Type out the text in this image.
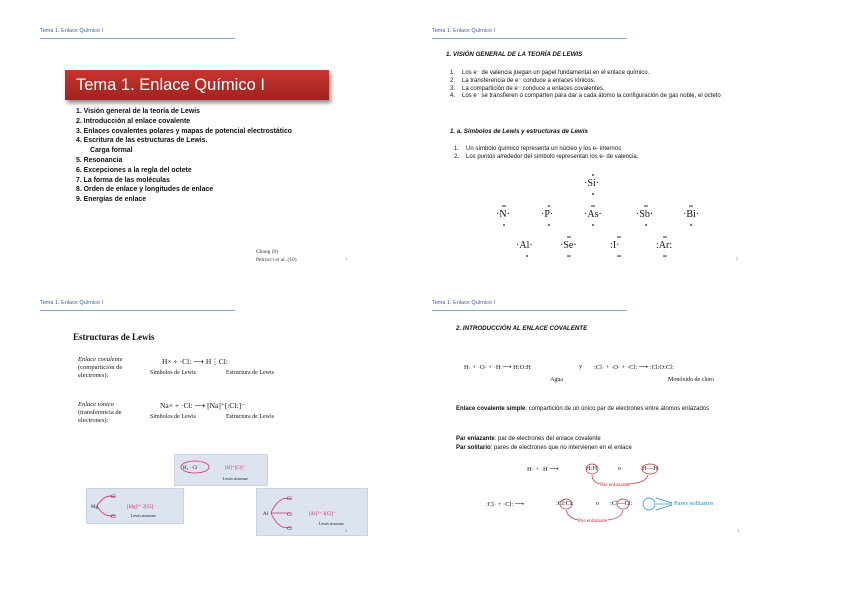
Tema 1. Enlace Químico I
Tema 1. Enlace Químico I
1. Visión general de la teoría de Lewis
2. Introducción al enlace covalente
3. Enlaces covalentes polares y mapas de potencial electrostático
4. Escritura de las estructuras de Lewis.
Carga formal
5. Resonancia
6. Excepciones a la regla del octete
7. La forma de las moléculas
8. Orden de enlace y longitudes de enlace
9. Energías de enlace
Chang (9)
Petrucci et al. (10)	1
Tema 1. Enlace Químico I
1. VISIÓN GENERAL DE LA TEORÍA DE LEWIS
1. Los e⁻ de valencia juegan un papel fundamental en el enlace químico.
2. La transferencia de e⁻ conduce a enlaces iónicos.
3. La compartición de e⁻ conduce a enlaces covalentes.
4. Los e⁻ se transfieren o comparten para dar a cada átomo la configuración de gas noble, el octeto
1. a. Símbolos de Lewis y estructuras de Lewis
1. Un símbolo químico representa un núcleo y los e- internos
2. Los puntos alrededor del símbolo representan los e- de valencia.
·Si·
·N·	·P·	·As·	·Sb·	·Bi·
·Al·	·Se·	:I·	:Ar:
2
Tema 1. Enlace Químico I
Estructuras de Lewis
Enlace covalente
(compartición de electrones):
H× + ·Cl: ⟶ H⋮Cl:
Símbolos de Lewis	Estructura de Lewis
Enlace iónico
(transferencia de electrones):
Na× + ·Cl: ⟶ [Na]⁺[:Cl:]⁻
Símbolos de Lewis	Estructura de Lewis
H₂ · Cl	[H]⁺[Cl]⁻
Lewis structure
Mg
Cl
Cl
[Mg]²⁺ 2[Cl]⁻
Lewis structure	Al
Cl
Cl
Cl
[Al]³⁺ 3[Cl]⁻
Lewis structure
3
Tema 1. Enlace Químico I
2. INTRODUCCIÓN AL ENLACE COVALENTE
H· + ·O· + ·H ⟶ H:O:H	y :Cl· + ·O· + ·Cl: ⟶ :Cl:O:Cl:
Agua	Monóxido de cloro
Enlace covalente simple: compartición de un único par de electrones entre átomos enlazados
Par enlazante: par de electrones del enlace covalente
Par solitario: pares de electrones que no intervienen en el enlace
H· + ·H ⟶	H:H	o	H—H
Par enlazante
:Cl· + ·Cl: ⟶	:Cl:Cl:	o :Cl—Cl:	Pares solitarios
Par enlazante
4
